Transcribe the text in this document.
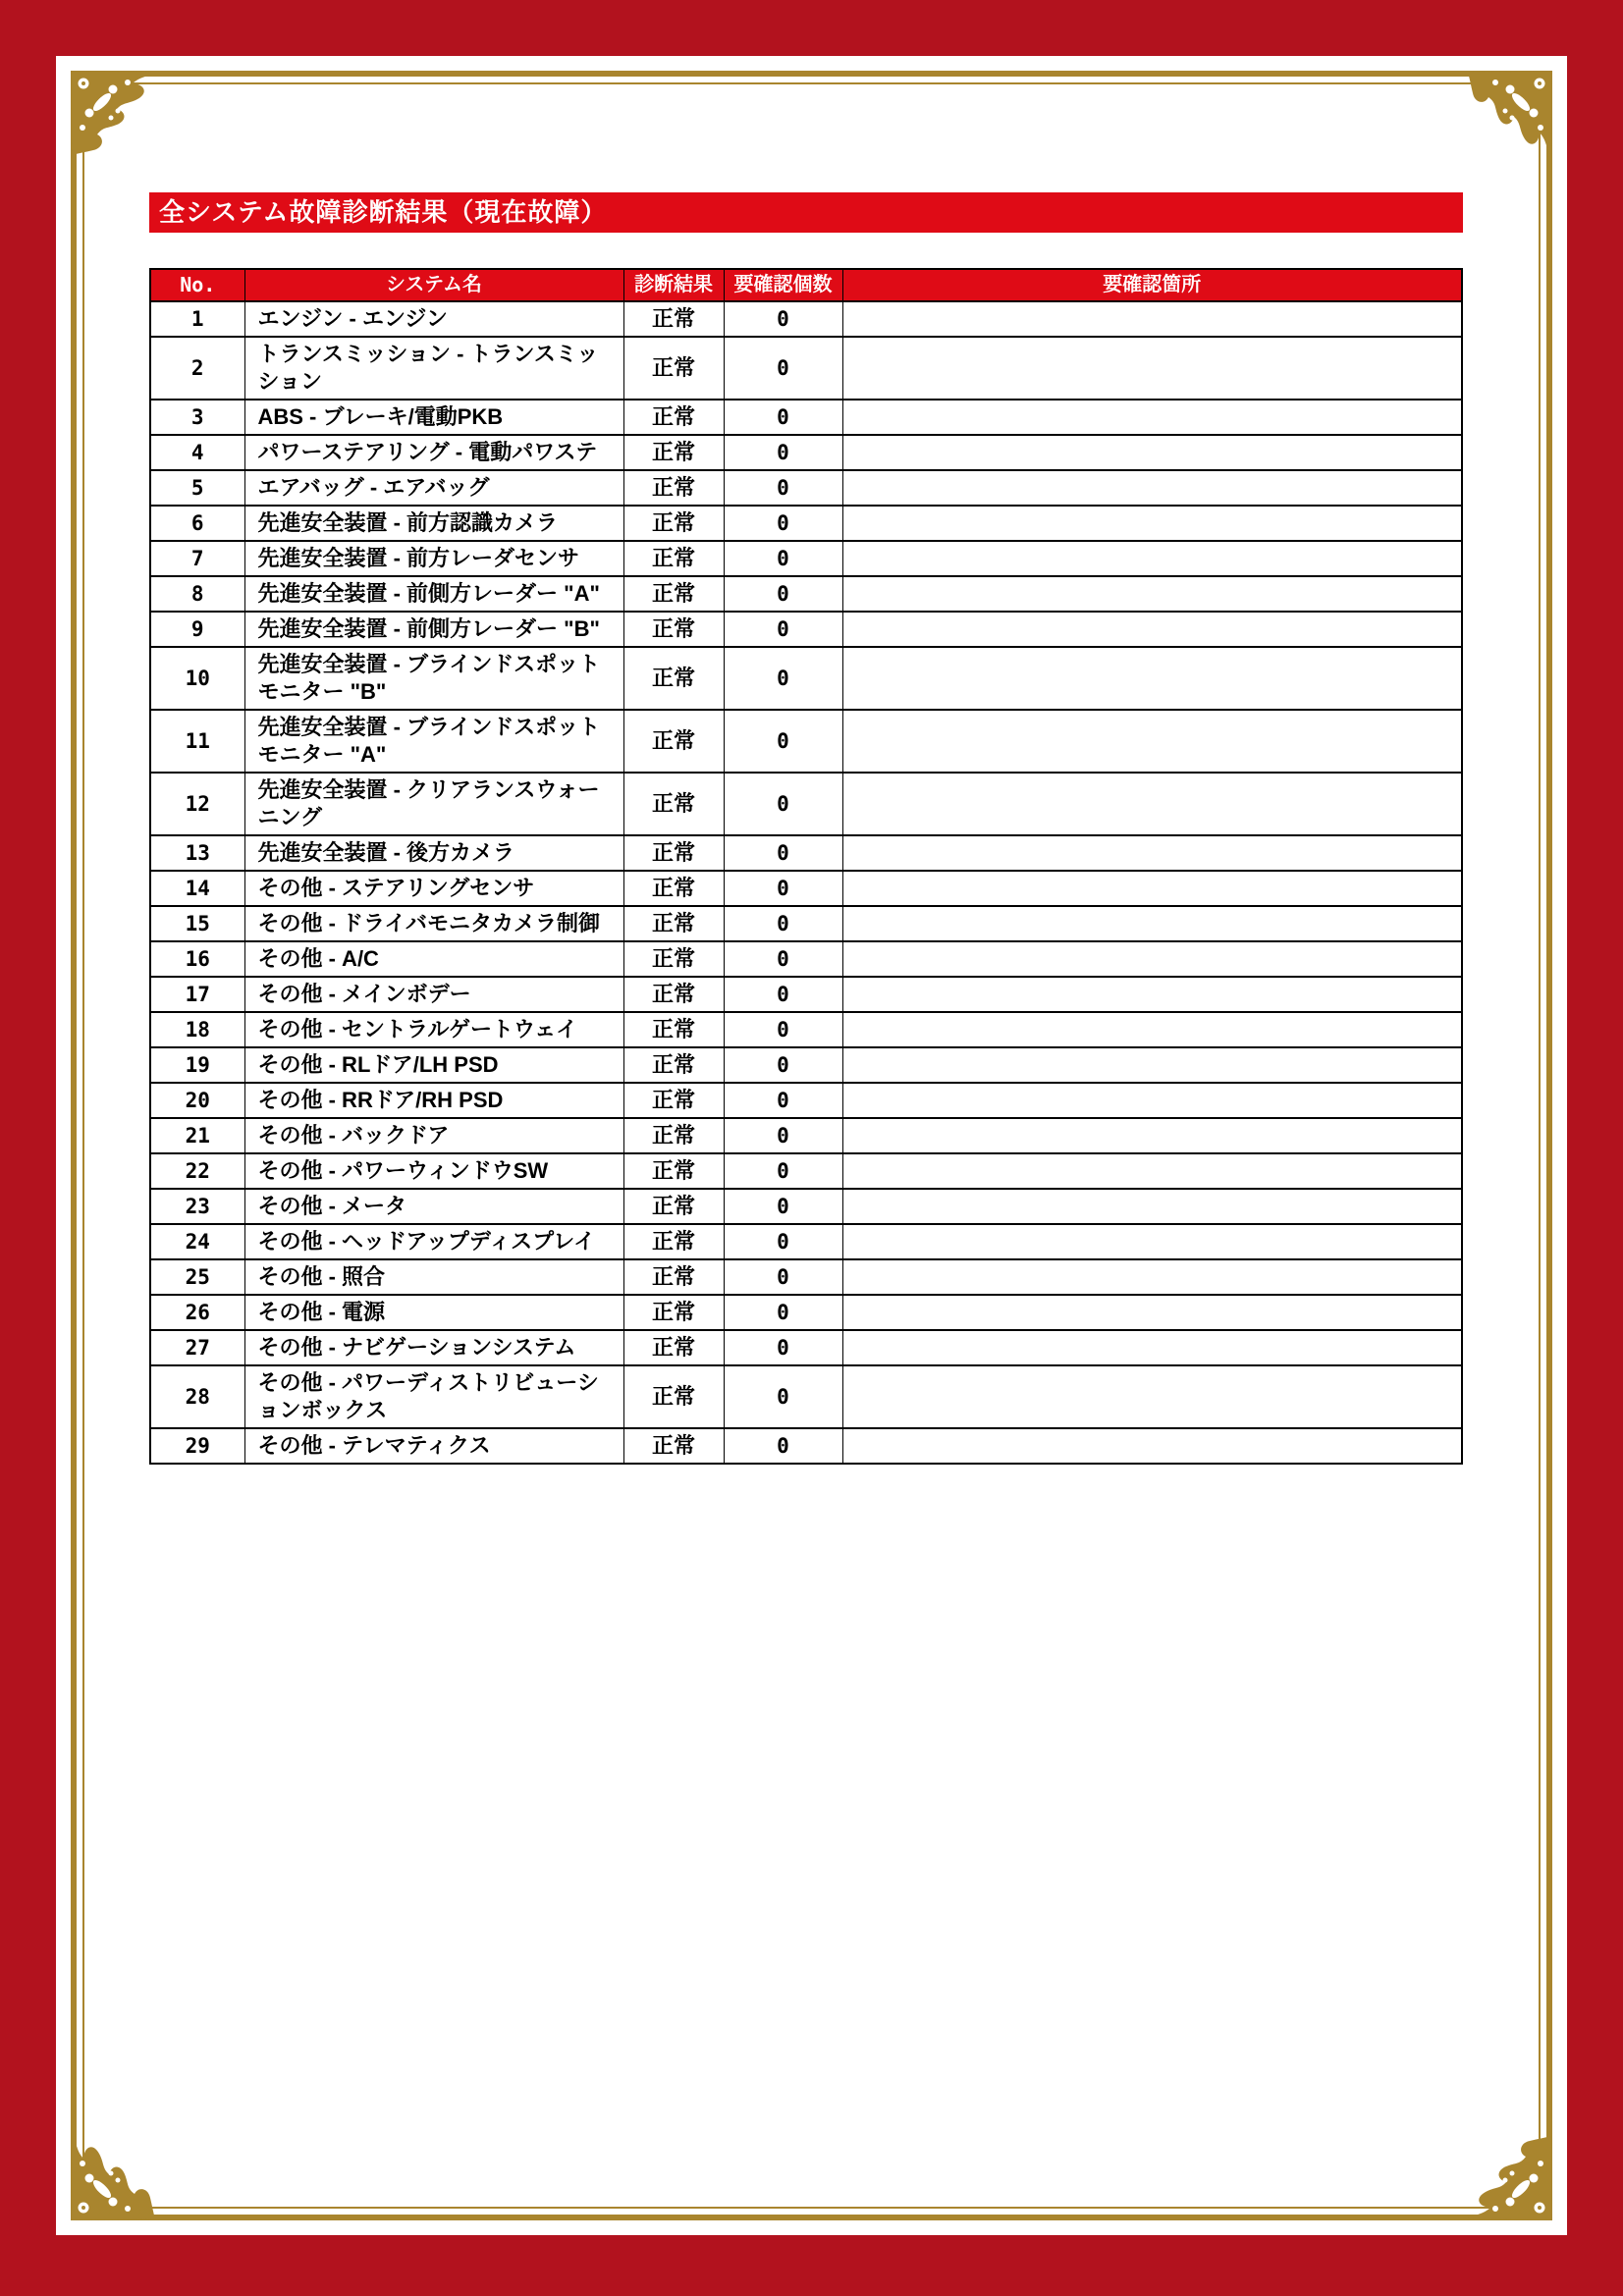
全システム故障診断結果（現在故障）
No.	システム名	診断結果	要確認個数	要確認箇所
1	エンジン - エンジン	正常	0	
2	トランスミッション - トランスミッション	正常	0	
3	ABS - ブレーキ/電動PKB	正常	0	
4	パワーステアリング - 電動パワステ	正常	0	
5	エアバッグ - エアバッグ	正常	0	
6	先進安全装置 - 前方認識カメラ	正常	0	
7	先進安全装置 - 前方レーダセンサ	正常	0	
8	先進安全装置 - 前側方レーダー "A"	正常	0	
9	先進安全装置 - 前側方レーダー "B"	正常	0	
10	先進安全装置 - ブラインドスポットモニター "B"	正常	0	
11	先進安全装置 - ブラインドスポットモニター "A"	正常	0	
12	先進安全装置 - クリアランスウォーニング	正常	0	
13	先進安全装置 - 後方カメラ	正常	0	
14	その他 - ステアリングセンサ	正常	0	
15	その他 - ドライバモニタカメラ制御	正常	0	
16	その他 - A/C	正常	0	
17	その他 - メインボデー	正常	0	
18	その他 - セントラルゲートウェイ	正常	0	
19	その他 - RLドア/LH PSD	正常	0	
20	その他 - RRドア/RH PSD	正常	0	
21	その他 - バックドア	正常	0	
22	その他 - パワーウィンドウSW	正常	0	
23	その他 - メータ	正常	0	
24	その他 - ヘッドアップディスプレイ	正常	0	
25	その他 - 照合	正常	0	
26	その他 - 電源	正常	0	
27	その他 - ナビゲーションシステム	正常	0	
28	その他 - パワーディストリビューションボックス	正常	0	
29	その他 - テレマティクス	正常	0	
